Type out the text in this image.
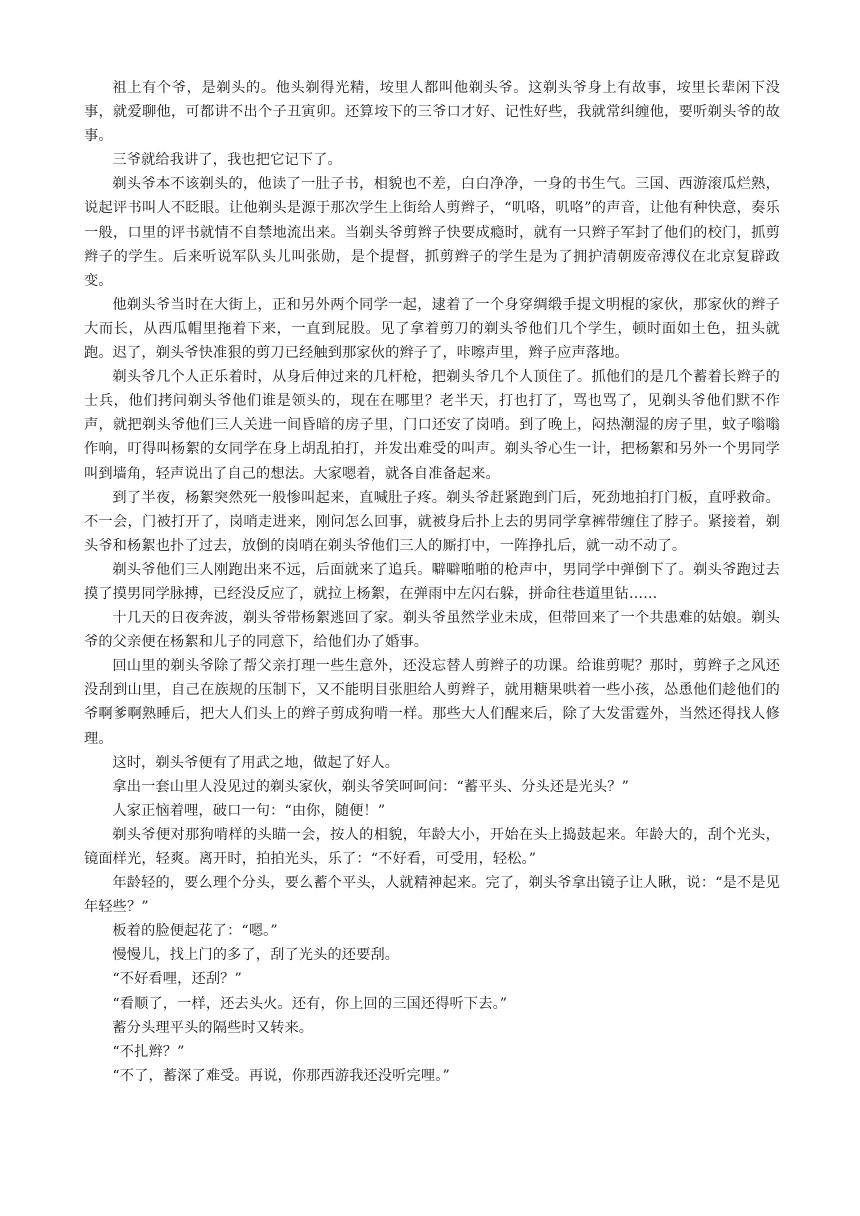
祖上有个爷，是剃头的。他头剃得光精，垵里人都叫他剃头爷。这剃头爷身上有故事，垵里长辈闲下没事，就爱聊他，可都讲不出个子丑寅卯。还算垵下的三爷口才好、记性好些，我就常纠缠他，要听剃头爷的故事。

三爷就给我讲了，我也把它记下了。

剃头爷本不该剃头的，他读了一肚子书，相貌也不差，白白净净，一身的书生气。三国、西游滚瓜烂熟，说起评书叫人不眨眼。让他剃头是源于那次学生上街给人剪辫子，“叽咯，叽咯”的声音，让他有种快意，奏乐一般，口里的评书就情不自禁地流出来。当剃头爷剪辫子快要成瘾时，就有一只辫子军封了他们的校门，抓剪辫子的学生。后来听说军队头儿叫张勋，是个提督，抓剪辫子的学生是为了拥护清朝废帝溥仪在北京复辟政变。

他剃头爷当时在大街上，正和另外两个同学一起，逮着了一个身穿绸缎手提文明棍的家伙，那家伙的辫子大而长，从西瓜帽里拖着下来，一直到屁股。见了拿着剪刀的剃头爷他们几个学生，顿时面如土色，扭头就跑。迟了，剃头爷快准狠的剪刀已经触到那家伙的辫子了，咔嚓声里，辫子应声落地。

剃头爷几个人正乐着时，从身后伸过来的几杆枪，把剃头爷几个人顶住了。抓他们的是几个蓄着长辫子的士兵，他们拷问剃头爷他们谁是领头的，现在在哪里？老半天，打也打了，骂也骂了，见剃头爷他们默不作声，就把剃头爷他们三人关进一间昏暗的房子里，门口还安了岗哨。到了晚上，闷热潮湿的房子里，蚊子嗡嗡作响，叮得叫杨絮的女同学在身上胡乱拍打，并发出难受的叫声。剃头爷心生一计，把杨絮和另外一个男同学叫到墙角，轻声说出了自己的想法。大家嗯着，就各自准备起来。

到了半夜，杨絮突然死一般惨叫起来，直喊肚子疼。剃头爷赶紧跑到门后，死劲地拍打门板，直呼救命。不一会，门被打开了，岗哨走进来，刚问怎么回事，就被身后扑上去的男同学拿裤带缠住了脖子。紧接着，剃头爷和杨絮也扑了过去，放倒的岗哨在剃头爷他们三人的厮打中，一阵挣扎后，就一动不动了。

剃头爷他们三人刚跑出来不远，后面就来了追兵。噼噼啪啪的枪声中，男同学中弹倒下了。剃头爷跑过去摸了摸男同学脉搏，已经没反应了，就拉上杨絮，在弹雨中左闪右躲，拼命往巷道里钻……

十几天的日夜奔波，剃头爷带杨絮逃回了家。剃头爷虽然学业未成，但带回来了一个共患难的姑娘。剃头爷的父亲便在杨絮和儿子的同意下，给他们办了婚事。

回山里的剃头爷除了帮父亲打理一些生意外，还没忘替人剪辫子的功课。给谁剪呢？那时，剪辫子之风还没刮到山里，自己在族规的压制下，又不能明目张胆给人剪辫子，就用糖果哄着一些小孩，怂恿他们趁他们的爷啊爹啊熟睡后，把大人们头上的辫子剪成狗啃一样。那些大人们醒来后，除了大发雷霆外，当然还得找人修理。

这时，剃头爷便有了用武之地，做起了好人。

拿出一套山里人没见过的剃头家伙，剃头爷笑呵呵问：“蓄平头、分头还是光头？”

人家正恼着哩，破口一句：“由你，随便！”

剃头爷便对那狗啃样的头瞄一会，按人的相貌，年龄大小，开始在头上捣鼓起来。年龄大的，刮个光头，镜面样光，轻爽。离开时，拍拍光头，乐了：“不好看，可受用，轻松。”

年龄轻的，要么理个分头，要么蓄个平头，人就精神起来。完了，剃头爷拿出镜子让人瞅，说：“是不是见年轻些？”

板着的脸便起花了：“嗯。”

慢慢儿，找上门的多了，刮了光头的还要刮。

“不好看哩，还刮？”

“看顺了，一样，还去头火。还有，你上回的三国还得听下去。”

蓄分头理平头的隔些时又转来。

“不扎辫？”

“不了，蓄深了难受。再说，你那西游我还没听完哩。”
